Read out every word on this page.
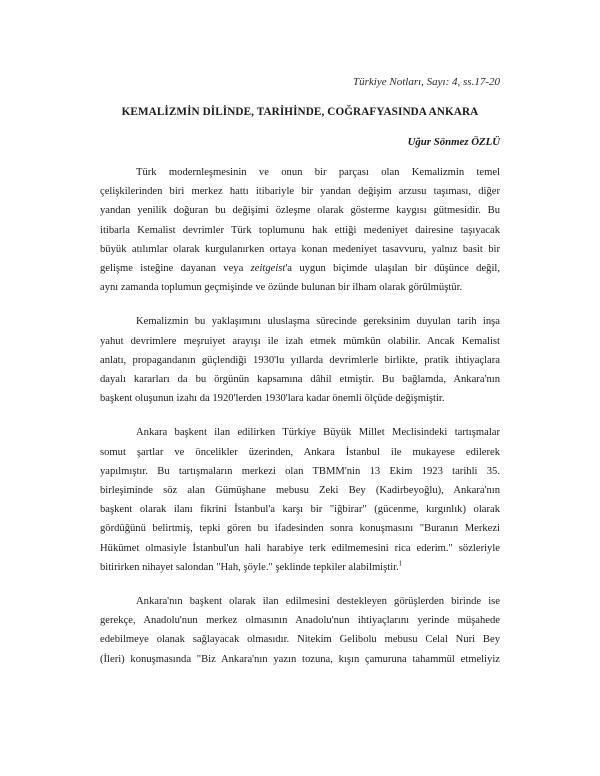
Türkiye Notları, Sayı: 4, ss.17-20
KEMALİZMİN DİLİNDE, TARİHİNDE, COĞRAFYASINDA ANKARA
Uğur Sönmez ÖZLÜ
Türk modernleşmesinin ve onun bir parçası olan Kemalizmin temel
çelişkilerinden biri merkez hattı itibariyle bir yandan değişim arzusu taşıması, diğer
yandan yenilik doğuran bu değişimi özleşme olarak gösterme kaygısı gütmesidir. Bu
itibarla Kemalist devrimler Türk toplumunu hak ettiği medeniyet dairesine taşıyacak
büyük atılımlar olarak kurgulanırken ortaya konan medeniyet tasavvuru, yalnız basit bir
gelişme isteğine dayanan veya zeitgeist'a uygun biçimde ulaşılan bir düşünce değil,
aynı zamanda toplumun geçmişinde ve özünde bulunan bir ilham olarak görülmüştür.
Kemalizmin bu yaklaşımını uluslaşma sürecinde gereksinim duyulan tarih inşa
yahut devrimlere meşruiyet arayışı ile izah etmek mümkün olabilir. Ancak Kemalist
anlatı, propagandanın güçlendiği 1930'lu yıllarda devrimlerle birlikte, pratik ihtiyaçlara
dayalı kararları da bu örgünün kapsamına dâhil etmiştir. Bu bağlamda, Ankara'nın
başkent oluşunun izahı da 1920'lerden 1930'lara kadar önemli ölçüde değişmiştir.
Ankara başkent ilan edilirken Türkiye Büyük Millet Meclisindeki tartışmalar
somut şartlar ve öncelikler üzerinden, Ankara İstanbul ile mukayese edilerek
yapılmıştır. Bu tartışmaların merkezi olan TBMM'nin 13 Ekim 1923 tarihli 35.
birleşiminde söz alan Gümüşhane mebusu Zeki Bey (Kadirbeyoğlu), Ankara'nın
başkent olarak ilanı fikrini İstanbul'a karşı bir "iğbirar" (gücenme, kırgınlık) olarak
gördüğünü belirtmiş, tepki gören bu ifadesinden sonra konuşmasını "Buranın Merkezi
Hükümet olmasiyle İstanbul'un hali harabiye terk edilmemesini rica ederim." sözleriyle
bitirirken nihayet salondan "Hah, şöyle." şeklinde tepkiler alabilmiştir.$^1$
Ankara'nın başkent olarak ilan edilmesini destekleyen görüşlerden birinde ise
gerekçe, Anadolu'nun merkez olmasının Anadolu'nun ihtiyaçlarını yerinde müşahede
edebilmeye olanak sağlayacak olmasıdır. Nitekim Gelibolu mebusu Celal Nuri Bey
(İleri) konuşmasında "Biz Ankara'nın yazın tozuna, kışın çamuruna tahammül etmeliyiz
